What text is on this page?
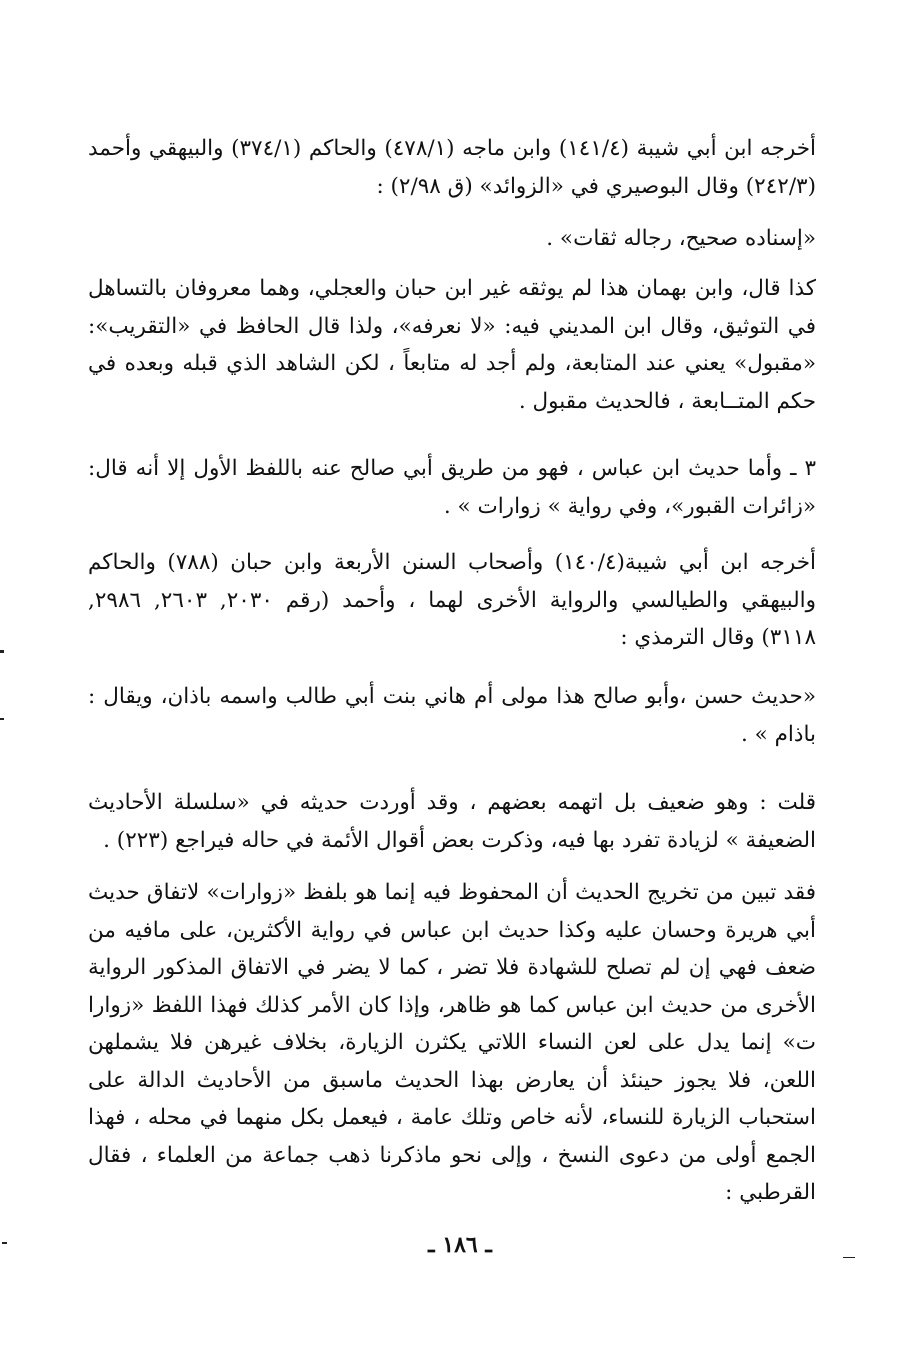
أخرجه ابن أبي شيبة (١٤١/٤) وابن ماجه (٤٧٨/١) والحاكم (٣٧٤/١) والبيهقي وأحمد (٢٤٢/٣) وقال البوصيري في «الزوائد» (ق ٢/٩٨) :

«إسناده صحيح، رجاله ثقات» .

كذا قال، وابن بهمان هذا لم يوثقه غير ابن حبان والعجلي، وهما معروفان بالتساهل في التوثيق، وقال ابن المديني فيه: «لا نعرفه»، ولذا قال الحافظ في «التقريب»: «مقبول» يعني عند المتابعة، ولم أجد له متابعاً ، لكن الشاهد الذي قبله وبعده في حكم المتــابعة ، فالحديث مقبول .

٣ ـ وأما حديث ابن عباس ، فهو من طريق أبي صالح عنه باللفظ الأول إلا أنه قال: «زائرات القبور»، وفي رواية » زوارات » .

أخرجه ابن أبي شيبة(١٤٠/٤) وأصحاب السنن الأربعة وابن حبان (٧٨٨) والحاكم والبيهقي والطيالسي والرواية الأخرى لهما ، وأحمد (رقم ٢٠٣٠, ٢٦٠٣, ٢٩٨٦, ٣١١٨) وقال الترمذي :

«حديث حسن ،وأبو صالح هذا مولى أم هاني بنت أبي طالب واسمه باذان، ويقال : باذام » .

قلت : وهو ضعيف بل اتهمه بعضهم ، وقد أوردت حديثه في «سلسلة الأحاديث الضعيفة » لزيادة تفرد بها فيه، وذكرت بعض أقوال الأئمة في حاله فيراجع (٢٢٣) .

فقد تبين من تخريج الحديث أن المحفوظ فيه إنما هو بلفظ «زوارات» لاتفاق حديث أبي هريرة وحسان عليه وكذا حديث ابن عباس في رواية الأكثرين، على مافيه من ضعف فهي إن لم تصلح للشهادة فلا تضر ، كما لا يضر في الاتفاق المذكور الرواية الأخرى من حديث ابن عباس كما هو ظاهر، وإذا كان الأمر كذلك فهذا اللفظ «زوارا ت» إنما يدل على لعن النساء اللاتي يكثرن الزيارة، بخلاف غيرهن فلا يشملهن اللعن، فلا يجوز حينئذ أن يعارض بهذا الحديث ماسبق من الأحاديث الدالة على استحباب الزيارة للنساء، لأنه خاص وتلك عامة ، فيعمل بكل منهما في محله ، فهذا الجمع أولى من دعوى النسخ ، وإلى نحو ماذكرنا ذهب جماعة من العلماء ، فقال القرطبي :

ـ ١٨٦ ـ
